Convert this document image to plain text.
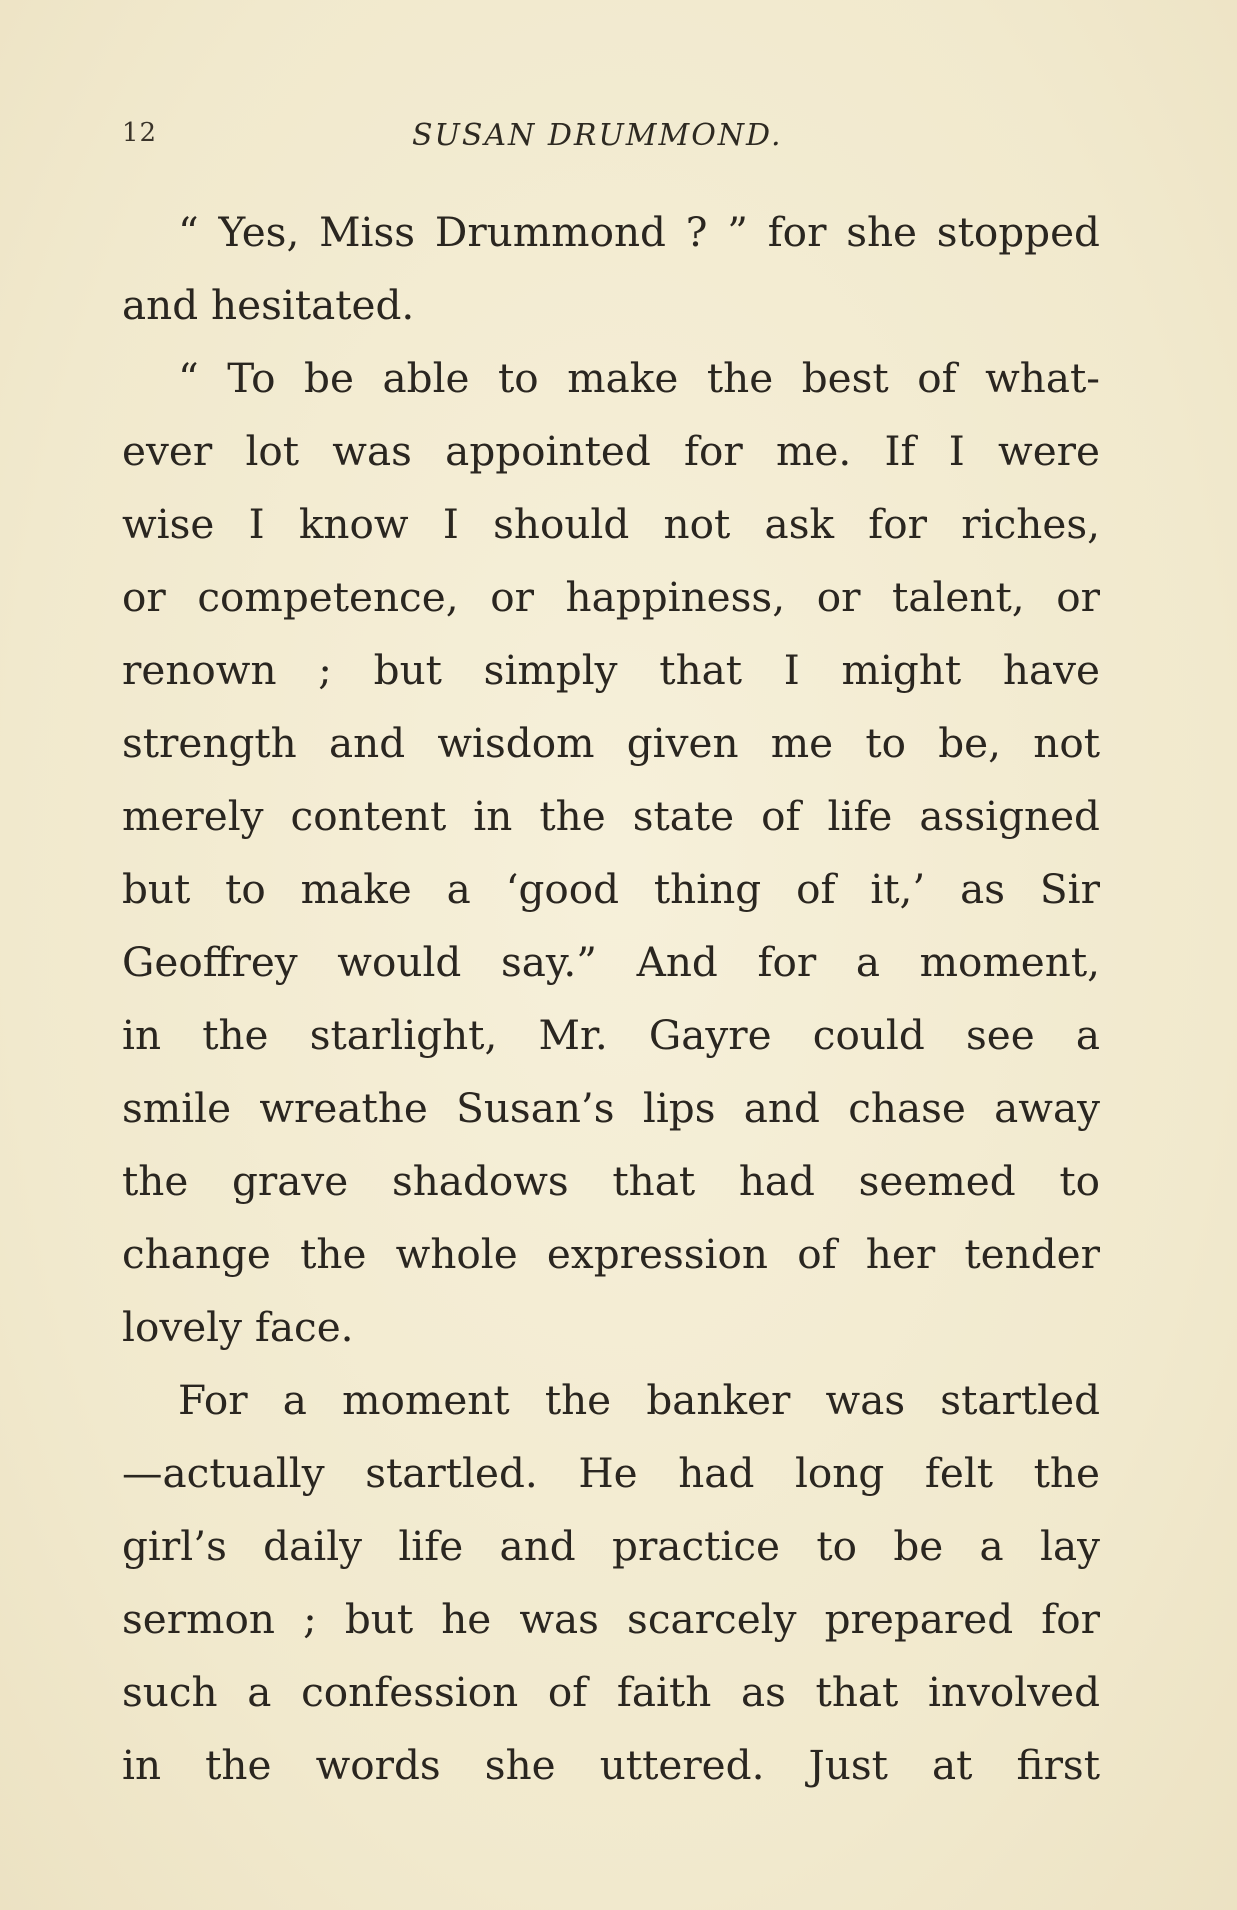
12	SUSAN DRUMMOND.
“ Yes, Miss Drummond ? ” for she stopped
and hesitated.
“ To be able to make the best of what-
ever lot was appointed for me. If I were
wise I know I should not ask for riches,
or competence, or happiness, or talent, or
renown ; but simply that I might have
strength and wisdom given me to be, not
merely content in the state of life assigned
but to make a ‘good thing of it,’ as Sir
Geoffrey would say.” And for a moment,
in the starlight, Mr. Gayre could see a
smile wreathe Susan’s lips and chase away
the grave shadows that had seemed to
change the whole expression of her tender
lovely face.
For a moment the banker was startled
—actually startled. He had long felt the
girl’s daily life and practice to be a lay
sermon ; but he was scarcely prepared for
such a confession of faith as that involved
in the words she uttered. Just at first
